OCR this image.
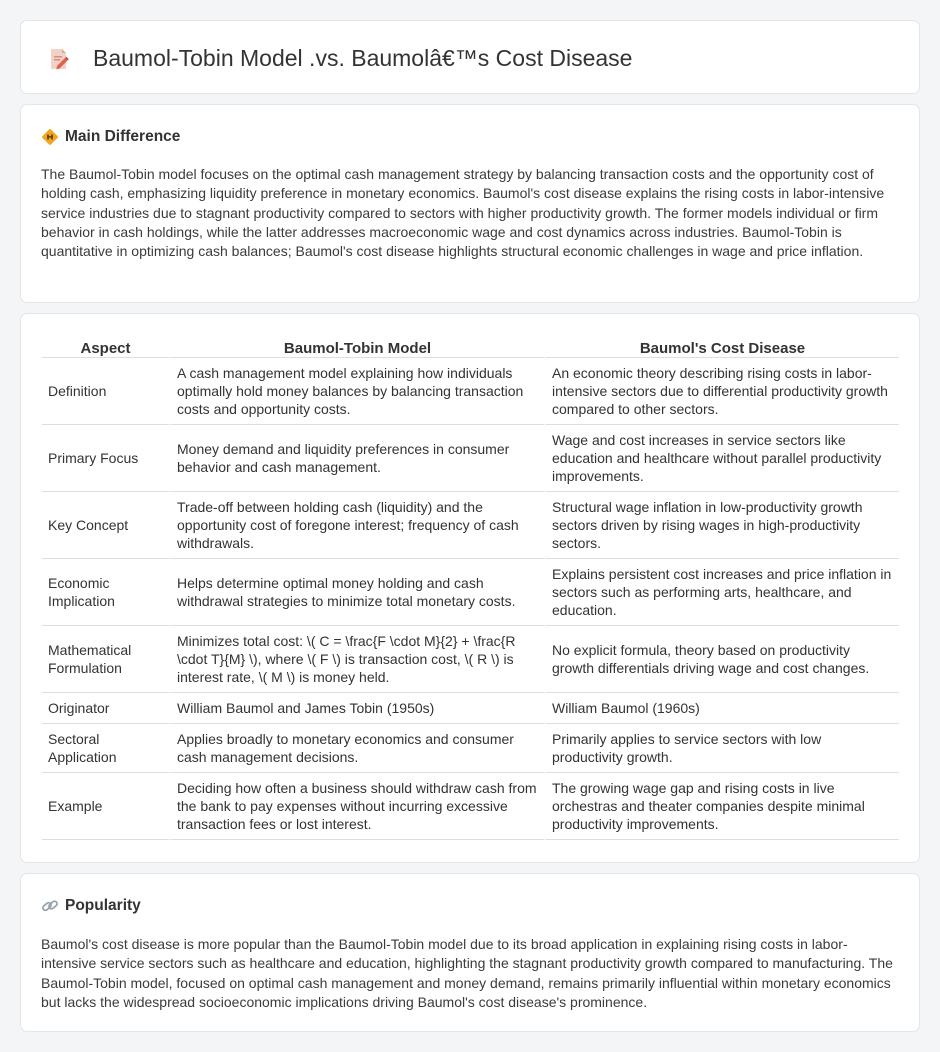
Baumol-Tobin Model .vs. Baumolâ€™s Cost Disease
Main Difference

The Baumol-Tobin model focuses on the optimal cash management strategy by balancing transaction costs and the opportunity cost of holding cash, emphasizing liquidity preference in monetary economics. Baumol's cost disease explains the rising costs in labor-intensive service industries due to stagnant productivity compared to sectors with higher productivity growth. The former models individual or firm behavior in cash holdings, while the latter addresses macroeconomic wage and cost dynamics across industries. Baumol-Tobin is quantitative in optimizing cash balances; Baumol's cost disease highlights structural economic challenges in wage and price inflation.

Aspect	Baumol-Tobin Model	Baumol's Cost Disease
Definition	A cash management model explaining how individuals optimally hold money balances by balancing transaction costs and opportunity costs.	An economic theory describing rising costs in labor-intensive sectors due to differential productivity growth compared to other sectors.
Primary Focus	Money demand and liquidity preferences in consumer behavior and cash management.	Wage and cost increases in service sectors like education and healthcare without parallel productivity improvements.
Key Concept	Trade-off between holding cash (liquidity) and the opportunity cost of foregone interest; frequency of cash withdrawals.	Structural wage inflation in low-productivity growth sectors driven by rising wages in high-productivity sectors.
Economic Implication	Helps determine optimal money holding and cash withdrawal strategies to minimize total monetary costs.	Explains persistent cost increases and price inflation in sectors such as performing arts, healthcare, and education.
Mathematical Formulation	Minimizes total cost: \( C = \frac{F \cdot M}{2} + \frac{R \cdot T}{M} \), where \( F \) is transaction cost, \( R \) is interest rate, \( M \) is money held.	No explicit formula, theory based on productivity growth differentials driving wage and cost changes.
Originator	William Baumol and James Tobin (1950s)	William Baumol (1960s)
Sectoral Application	Applies broadly to monetary economics and consumer cash management decisions.	Primarily applies to service sectors with low productivity growth.
Example	Deciding how often a business should withdraw cash from the bank to pay expenses without incurring excessive transaction fees or lost interest.	The growing wage gap and rising costs in live orchestras and theater companies despite minimal productivity improvements.
Popularity

Baumol's cost disease is more popular than the Baumol-Tobin model due to its broad application in explaining rising costs in labor-intensive service sectors such as healthcare and education, highlighting the stagnant productivity growth compared to manufacturing. The Baumol-Tobin model, focused on optimal cash management and money demand, remains primarily influential within monetary economics but lacks the widespread socioeconomic implications driving Baumol's cost disease's prominence.
